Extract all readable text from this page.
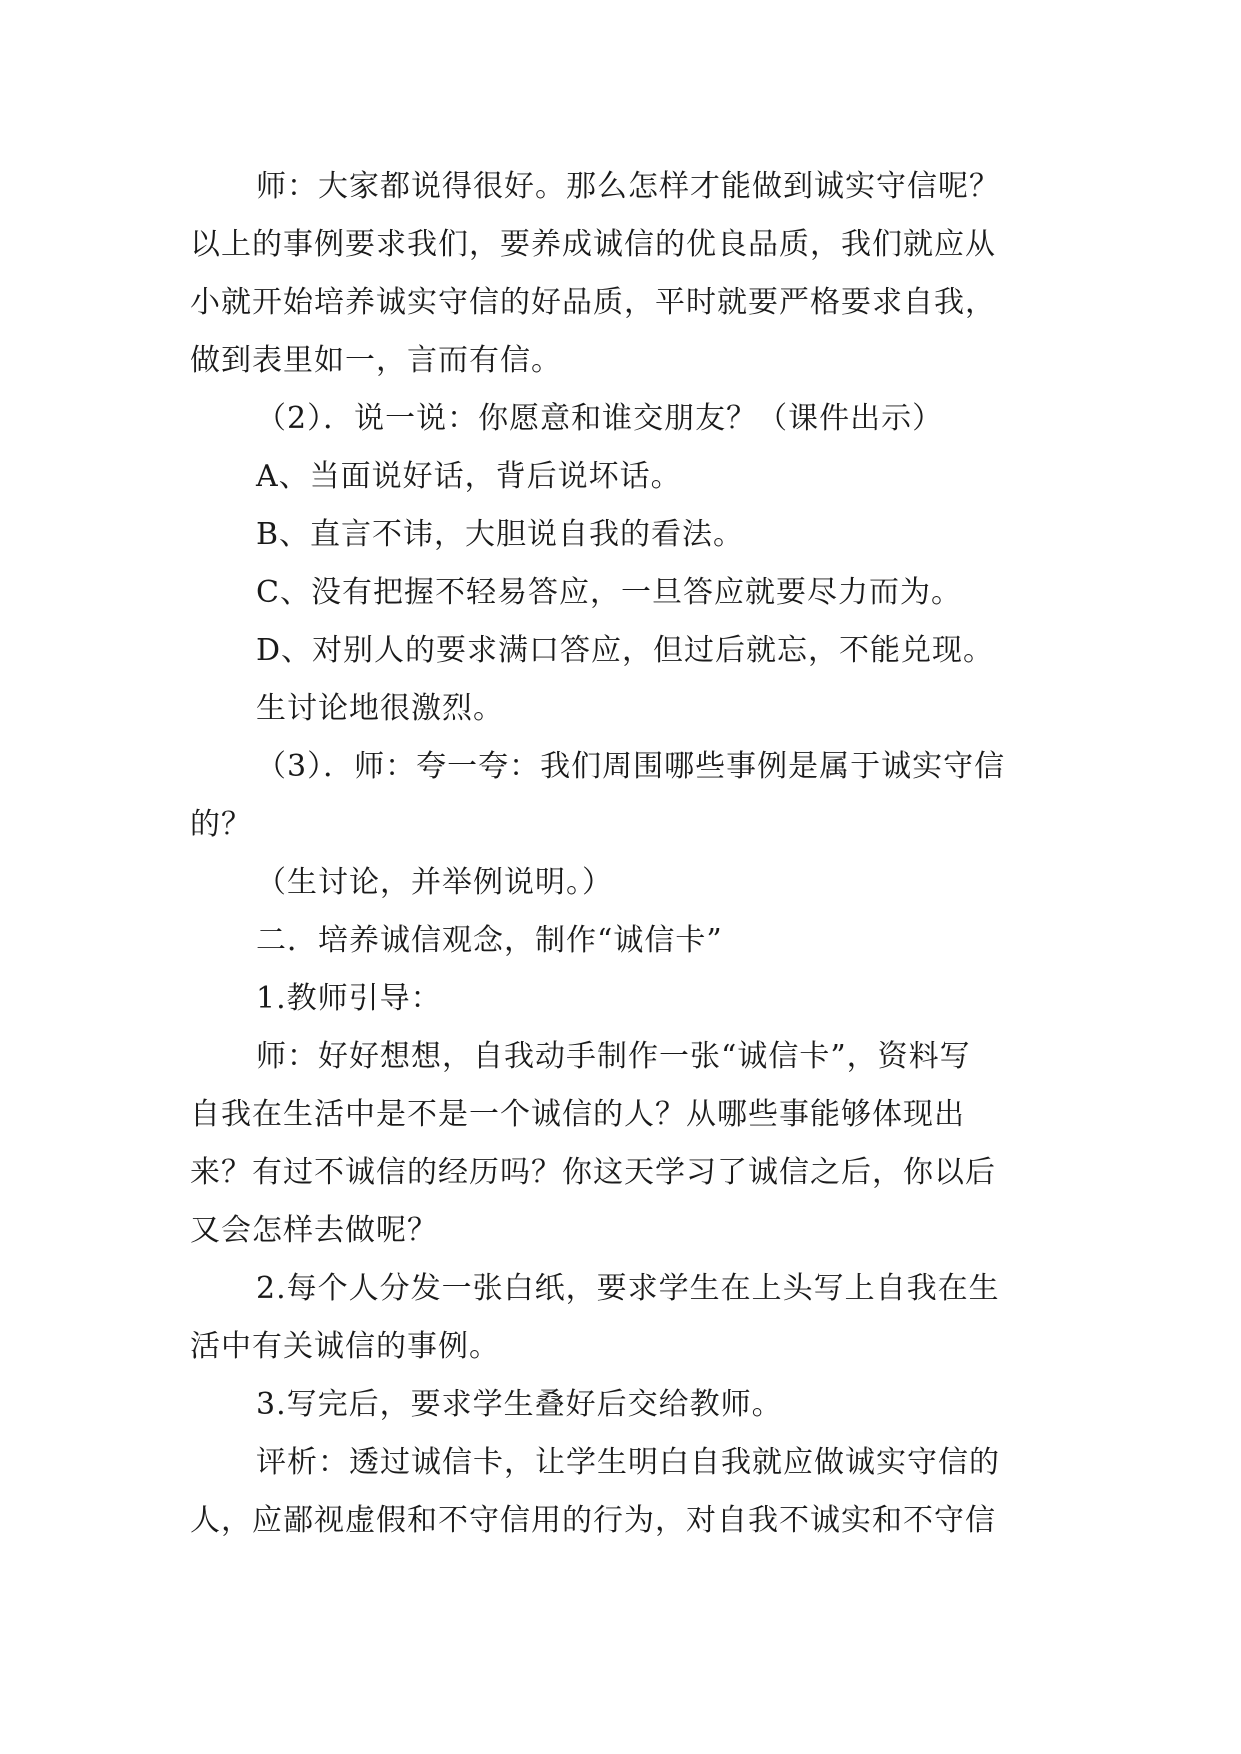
师：大家都说得很好。那么怎样才能做到诚实守信呢？
以上的事例要求我们，要养成诚信的优良品质，我们就应从
小就开始培养诚实守信的好品质，平时就要严格要求自我，
做到表里如一，言而有信。
（2）．说一说：你愿意和谁交朋友？（课件出示）
A、当面说好话，背后说坏话。
B、直言不讳，大胆说自我的看法。
C、没有把握不轻易答应，一旦答应就要尽力而为。
D、对别人的要求满口答应，但过后就忘，不能兑现。
生讨论地很激烈。
（3）．师：夸一夸：我们周围哪些事例是属于诚实守信
的？
（生讨论，并举例说明。）
二．培养诚信观念，制作“诚信卡”
1.教师引导：
师：好好想想，自我动手制作一张“诚信卡”，资料写
自我在生活中是不是一个诚信的人？从哪些事能够体现出
来？有过不诚信的经历吗？你这天学习了诚信之后，你以后
又会怎样去做呢？
2.每个人分发一张白纸，要求学生在上头写上自我在生
活中有关诚信的事例。
3.写完后，要求学生叠好后交给教师。
评析：透过诚信卡，让学生明白自我就应做诚实守信的
人，应鄙视虚假和不守信用的行为，对自我不诚实和不守信
